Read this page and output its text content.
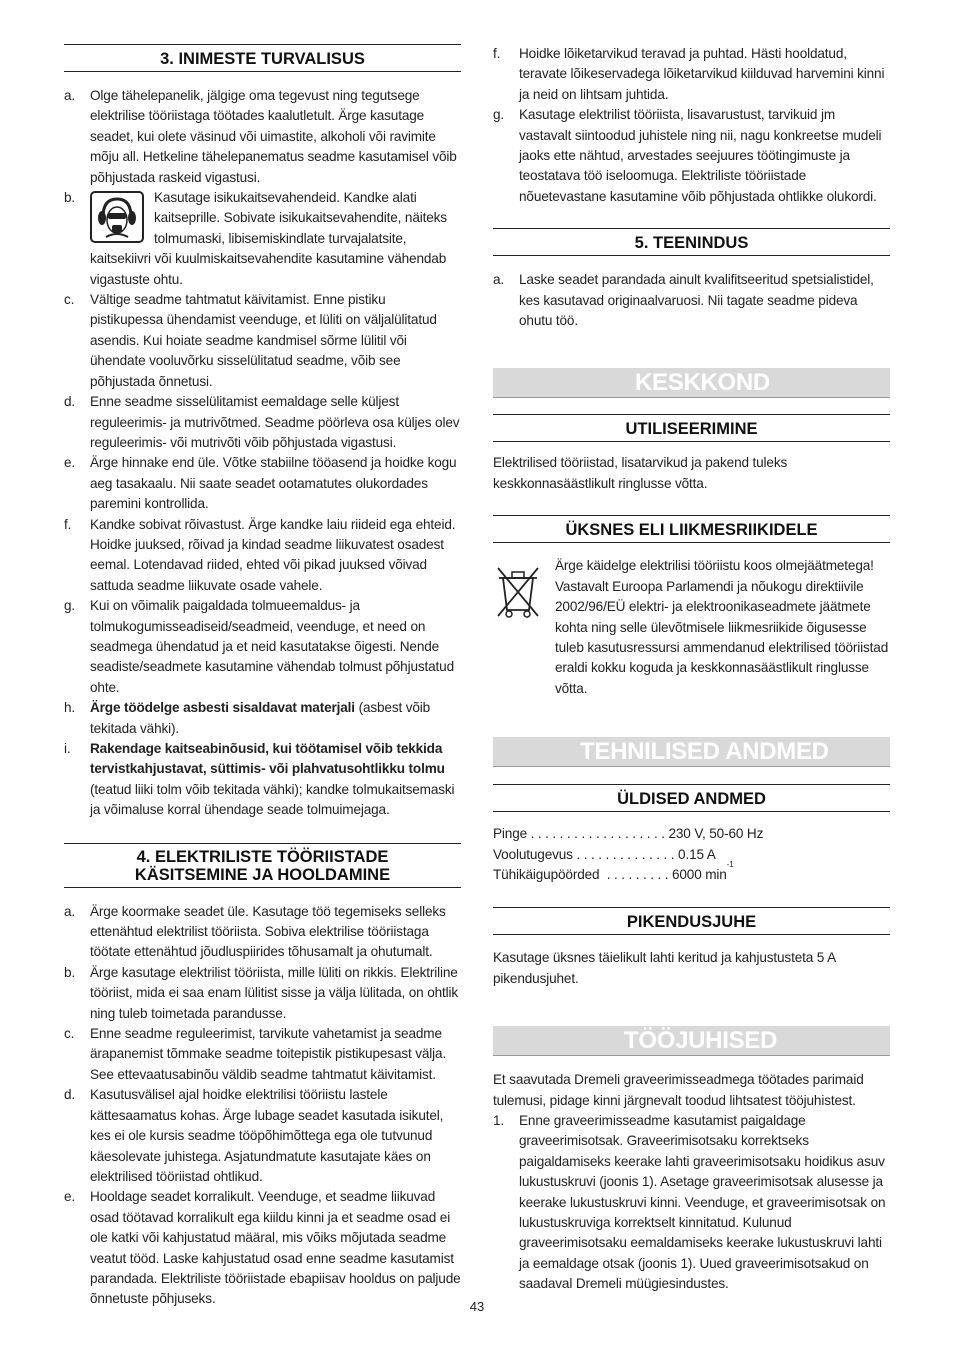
3. INIMESTE TURVALISUS
a.	Olge tähelepanelik, jälgige oma tegevust ning tegutsege elektrilise tööriistaga töötades kaalutletult. Ärge kasutage seadet, kui olete väsinud või uimastite, alkoholi või ravimite mõju all. Hetkeline tähelepanematus seadme kasutamisel võib põhjustada raskeid vigastusi.
b.	Kasutage isikukaitsevahendeid. Kandke alati kaitseprille. Sobivate isikukaitsevahendite, näiteks tolmumaski, libisemiskindlate turvajalatsite, kaitsekiivri või kuulmiskaitsevahendite kasutamine vähendab vigastuste ohtu.
c.	Vältige seadme tahtmatut käivitamist. Enne pistiku pistikupessa ühendamist veenduge, et lüliti on väljalülitatud asendis. Kui hoiate seadme kandmisel sõrme lülitil või ühendate vooluvõrku sisselülitatud seadme, võib see põhjustada õnnetusi.
d.	Enne seadme sisselülitamist eemaldage selle küljest reguleerimis- ja mutrivõtmed. Seadme pöörleva osa küljes olev reguleerimis- või mutrivõti võib põhjustada vigastusi.
e.	Ärge hinnake end üle. Võtke stabiilne tööasend ja hoidke kogu aeg tasakaalu. Nii saate seadet ootamatutes olukordades paremini kontrollida.
f.	Kandke sobivat rõivastust. Ärge kandke laiu riideid ega ehteid. Hoidke juuksed, rõivad ja kindad seadme liikuvatest osadest eemal. Lotendavad riided, ehted või pikad juuksed võivad sattuda seadme liikuvate osade vahele.
g.	Kui on võimalik paigaldada tolmueemaldus- ja tolmukogumisseadiseid/seadmeid, veenduge, et need on seadmega ühendatud ja et neid kasutatakse õigesti. Nende seadiste/seadmete kasutamine vähendab tolmust põhjustatud ohte.
h.	Ärge töödelge asbesti sisaldavat materjali (asbest võib tekitada vähki).
i.	Rakendage kaitseabinõusid, kui töötamisel võib tekkida tervistkahjustavat, süttimis- või plahvatusohtlikku tolmu (teatud liiki tolm võib tekitada vähki); kandke tolmukaitsemaski ja võimaluse korral ühendage seade tolmuimejaga.
4. ELEKTRILISTE TÖÖRIISTADE
KÄSITSEMINE JA HOOLDAMINE
a.	Ärge koormake seadet üle. Kasutage töö tegemiseks selleks ettenähtud elektrilist tööriista. Sobiva elektrilise tööriistaga töötate ettenähtud jõudluspiirides tõhusamalt ja ohutumalt.
b.	Ärge kasutage elektrilist tööriista, mille lüliti on rikkis. Elektriline tööriist, mida ei saa enam lülitist sisse ja välja lülitada, on ohtlik ning tuleb toimetada parandusse.
c.	Enne seadme reguleerimist, tarvikute vahetamist ja seadme ärapanemist tõmmake seadme toitepistik pistikupesast välja. See ettevaatusabinõu väldib seadme tahtmatut käivitamist.
d.	Kasutusvälisel ajal hoidke elektrilisi tööriistu lastele kättesaamatus kohas. Ärge lubage seadet kasutada isikutel, kes ei ole kursis seadme tööpõhimõttega ega ole tutvunud käesolevate juhistega. Asjatundmatute kasutajate käes on elektrilised tööriistad ohtlikud.
e.	Hooldage seadet korralikult. Veenduge, et seadme liikuvad osad töötavad korralikult ega kiildu kinni ja et seadme osad ei ole katki või kahjustatud määral, mis võiks mõjutada seadme veatut tööd. Laske kahjustatud osad enne seadme kasutamist parandada. Elektriliste tööriistade ebapiisav hooldus on paljude õnnetuste põhjuseks.
f.	Hoidke lõiketarvikud teravad ja puhtad. Hästi hooldatud, teravate lõikeservadega lõiketarvikud kiilduvad harvemini kinni ja neid on lihtsam juhtida.
g.	Kasutage elektrilist tööriista, lisavarustust, tarvikuid jm vastavalt siintoodud juhistele ning nii, nagu konkreetse mudeli jaoks ette nähtud, arvestades seejuures töötingimuste ja teostatava töö iseloomuga. Elektriliste tööriistade nõuetevastane kasutamine võib põhjustada ohtlikke olukordi.
5. TEENINDUS
a.	Laske seadet parandada ainult kvalifitseeritud spetsialistidel, kes kasutavad originaalvaruosi. Nii tagate seadme pideva ohutu töö.
KESKKOND
UTILISEERIMINE
Elektrilised tööriistad, lisatarvikud ja pakend tuleks keskkonnasäästlikult ringlusse võtta.
ÜKSNES ELI LIIKMESRIIKIDELE
Ärge käidelge elektrilisi tööriistu koos olmejäätmetega! Vastavalt Euroopa Parlamendi ja nõukogu direktiivile 2002/96/EÜ elektri- ja elektroonikaseadmete jäätmete kohta ning selle ülevõtmisele liikmesriikide õigusesse tuleb kasutusressursi ammendanud elektrilised tööriistad eraldi kokku koguda ja keskkonnasäästlikult ringlusse võtta.
TEHNILISED ANDMED
ÜLDISED ANDMED
Pinge . . . . . . . . . . . . . . . . . . . 230 V, 50-60 Hz
Voolutugevus . . . . . . . . . . . . . . 0.15 A
Tühikäigupöörded . . . . . . . . . 6000 min
-1
PIKENDUSJUHE
Kasutage üksnes täielikult lahti keritud ja kahjustusteta 5 A pikendusjuhet.
TÖÖJUHISED
Et saavutada Dremeli graveerimisseadmega töötades parimaid tulemusi, pidage kinni järgnevalt toodud lihtsatest tööjuhistest.
1.	Enne graveerimisseadme kasutamist paigaldage graveerimisotsak. Graveerimisotsaku korrektseks paigaldamiseks keerake lahti graveerimisotsaku hoidikus asuv lukustuskruvi (joonis 1). Asetage graveerimisotsak alusesse ja keerake lukustuskruvi kinni. Veenduge, et graveerimisotsak on lukustuskruviga korrektselt kinnitatud. Kulunud graveerimisotsaku eemaldamiseks keerake lukustuskruvi lahti ja eemaldage otsak (joonis 1). Uued graveerimisotsakud on saadaval Dremeli müügiesindustes.
43
